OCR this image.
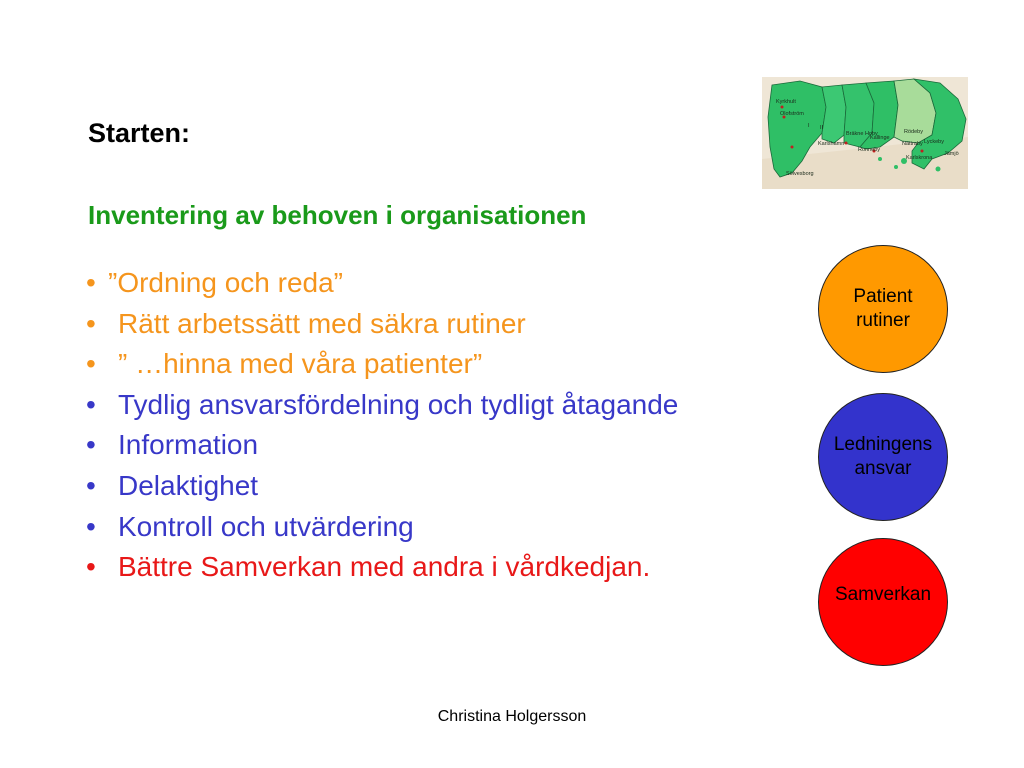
Starten:
Inventering av behoven i organisationen
• ”Ordning och reda”
• Rätt arbetssätt med säkra rutiner
• ” …hinna med våra patienter”
• Tydlig ansvarsfördelning och tydligt åtagande
• Information
• Delaktighet
• Kontroll och utvärdering
• Bättre Samverkan med andra i vårdkedjan.
Kyrkhult
Olofström
Bräkne Hoby
Kallinge
Rödeby
Karlshamn
Ronneby
Nättraby Lyckeby
Jämjö
Sölvesborg
Karlskrona
I II
Patient
rutiner
Ledningens
ansvar
Samverkan
Christina Holgersson
